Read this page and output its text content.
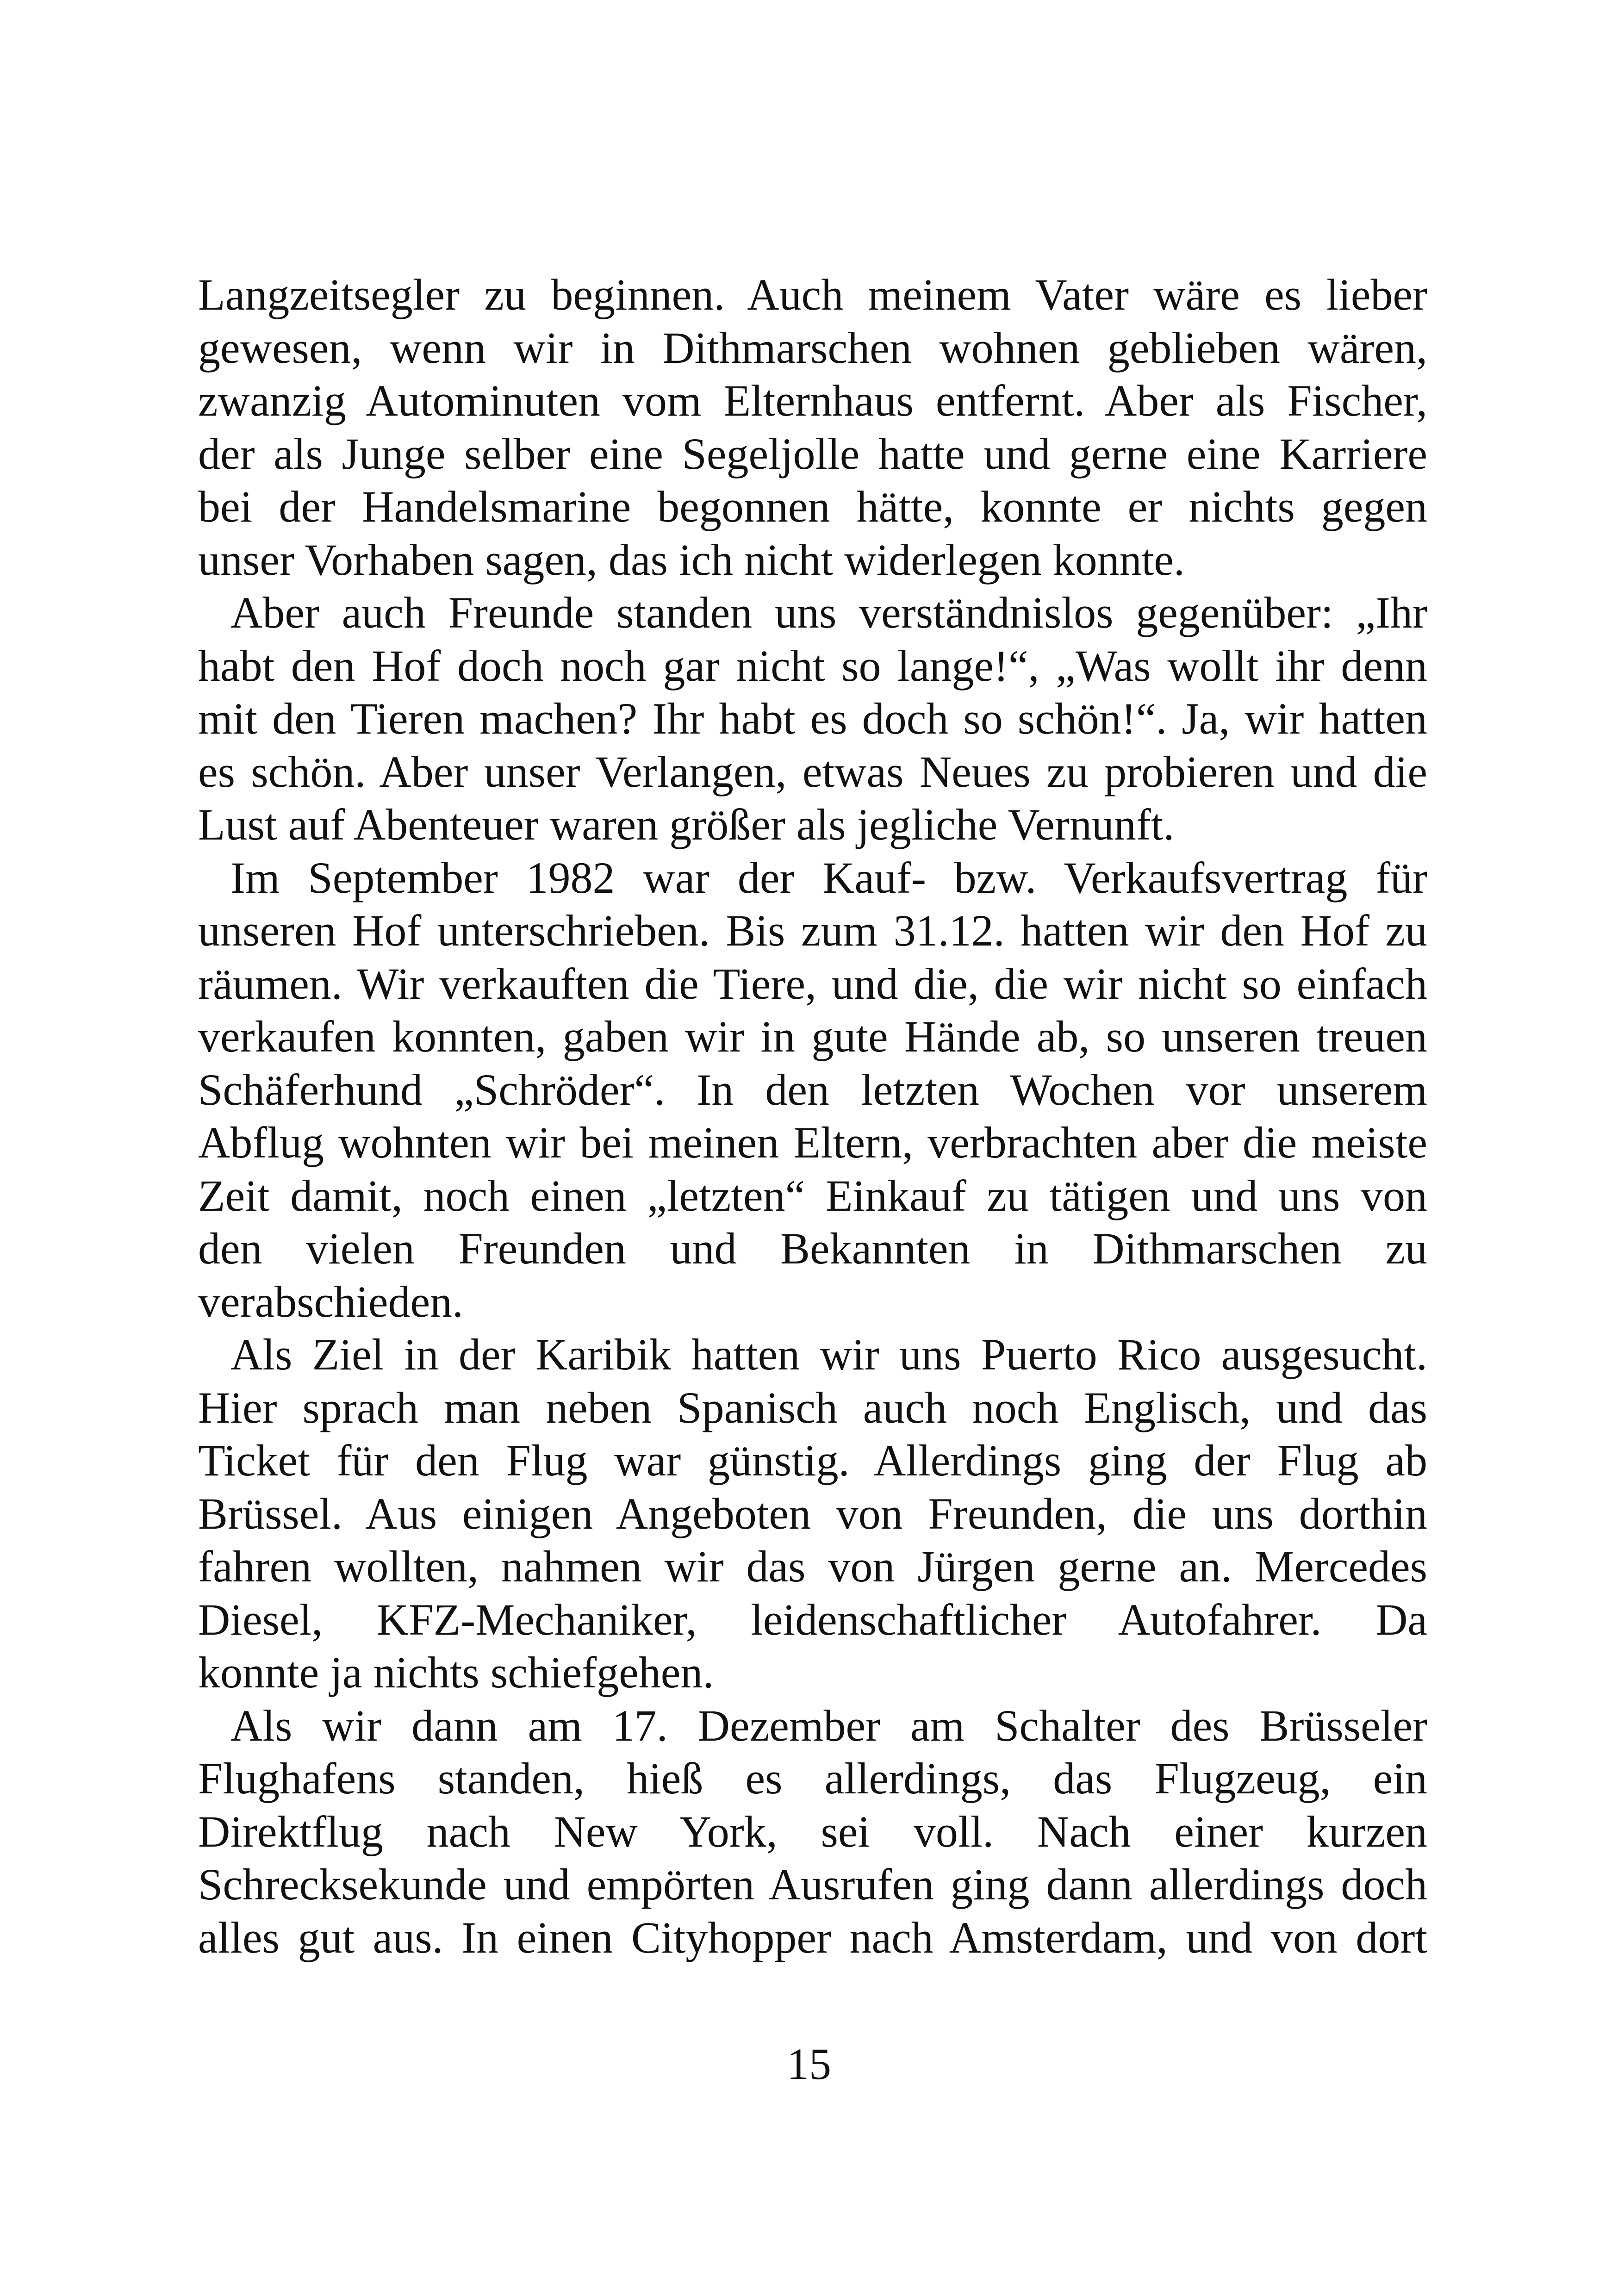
Langzeitsegler zu beginnen. Auch meinem Vater wäre es lieber
gewesen, wenn wir in Dithmarschen wohnen geblieben wären,
zwanzig Autominuten vom Elternhaus entfernt. Aber als Fischer,
der als Junge selber eine Segeljolle hatte und gerne eine Karriere
bei der Handelsmarine begonnen hätte, konnte er nichts gegen
unser Vorhaben sagen, das ich nicht widerlegen konnte.
Aber auch Freunde standen uns verständnislos gegenüber: „Ihr
habt den Hof doch noch gar nicht so lange!“, „Was wollt ihr denn
mit den Tieren machen? Ihr habt es doch so schön!“. Ja, wir hatten
es schön. Aber unser Verlangen, etwas Neues zu probieren und die
Lust auf Abenteuer waren größer als jegliche Vernunft.
Im September 1982 war der Kauf- bzw. Verkaufsvertrag für
unseren Hof unterschrieben. Bis zum 31.12. hatten wir den Hof zu
räumen. Wir verkauften die Tiere, und die, die wir nicht so einfach
verkaufen konnten, gaben wir in gute Hände ab, so unseren treuen
Schäferhund „Schröder“. In den letzten Wochen vor unserem
Abflug wohnten wir bei meinen Eltern, verbrachten aber die meiste
Zeit damit, noch einen „letzten“ Einkauf zu tätigen und uns von
den vielen Freunden und Bekannten in Dithmarschen zu
verabschieden.
Als Ziel in der Karibik hatten wir uns Puerto Rico ausgesucht.
Hier sprach man neben Spanisch auch noch Englisch, und das
Ticket für den Flug war günstig. Allerdings ging der Flug ab
Brüssel. Aus einigen Angeboten von Freunden, die uns dorthin
fahren wollten, nahmen wir das von Jürgen gerne an. Mercedes
Diesel, KFZ-Mechaniker, leidenschaftlicher Autofahrer. Da
konnte ja nichts schiefgehen.
Als wir dann am 17. Dezember am Schalter des Brüsseler
Flughafens standen, hieß es allerdings, das Flugzeug, ein
Direktflug nach New York, sei voll. Nach einer kurzen
Schrecksekunde und empörten Ausrufen ging dann allerdings doch
alles gut aus. In einen Cityhopper nach Amsterdam, und von dort
15
